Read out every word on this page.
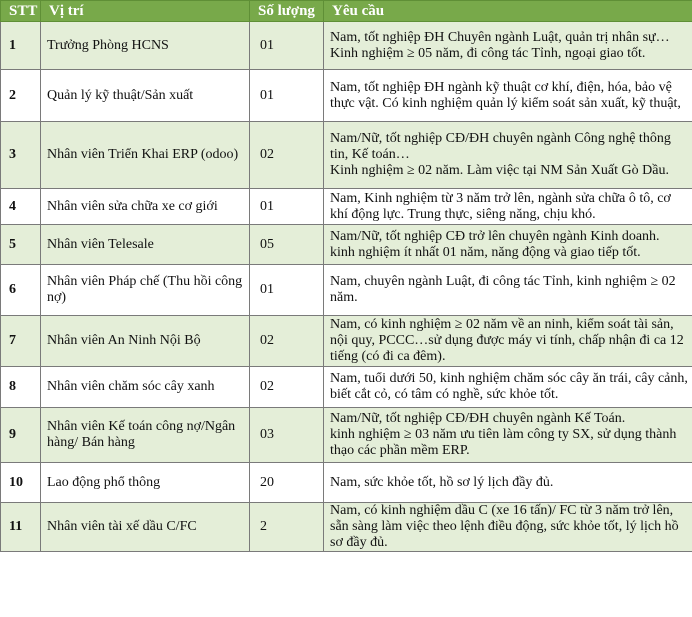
STT	Vị trí	Số lượng	Yêu cầu
1	Trưởng Phòng HCNS	01	Nam, tốt nghiệp ĐH Chuyên ngành Luật, quản trị nhân sự…
Kinh nghiệm ≥ 05 năm, đi công tác Tỉnh, ngoại giao tốt.

2	Quản lý kỹ thuật/Sản xuất	01	Nam, tốt nghiệp ĐH ngành kỹ thuật cơ khí, điện, hóa, bảo vệ thực vật. Có kinh nghiệm quản lý kiểm soát sản xuất, kỹ thuật,

3	Nhân viên Triển Khai ERP (odoo)	02	Nam/Nữ, tốt nghiệp CĐ/ĐH chuyên ngành Công nghệ thông tin, Kế toán…
Kinh nghiệm ≥ 02 năm. Làm việc tại NM Sản Xuất Gò Dầu.

4	Nhân viên sửa chữa xe cơ giới	01	Nam, Kinh nghiệm từ 3 năm trở lên, ngành sửa chữa ô tô, cơ khí động lực. Trung thực, siêng năng, chịu khó.

5	Nhân viên Telesale	05	Nam/Nữ, tốt nghiệp CĐ trở lên chuyên ngành Kinh doanh.
kinh nghiệm ít nhất 01 năm, năng động và giao tiếp tốt.

6	Nhân viên Pháp chế (Thu hồi công nợ)	01	Nam, chuyên ngành Luật, đi công tác Tỉnh, kinh nghiệm ≥ 02 năm.

7	Nhân viên An Ninh Nội Bộ	02	Nam, có kinh nghiệm ≥ 02 năm về an ninh, kiểm soát tài sản, nội quy, PCCC…sử dụng được máy vi tính, chấp nhận đi ca 12 tiếng (có đi ca đêm).

8	Nhân viên chăm sóc cây xanh	02	Nam, tuổi dưới 50, kinh nghiệm chăm sóc cây ăn trái, cây cảnh, biết cắt cỏ, có tâm có nghề, sức khỏe tốt.

9	Nhân viên Kế toán công nợ/Ngân hàng/ Bán hàng	03	Nam/Nữ, tốt nghiệp CĐ/ĐH chuyên ngành Kế Toán.
kinh nghiệm ≥ 03 năm ưu tiên làm công ty SX, sử dụng thành thạo các phần mềm ERP.

10	Lao động phổ thông	20	Nam, sức khỏe tốt, hồ sơ lý lịch đầy đủ.

11	Nhân viên tài xế dầu C/FC	2	Nam, có kinh nghiệm dầu C (xe 16 tấn)/ FC từ 3 năm trở lên, sẵn sàng làm việc theo lệnh điều động, sức khỏe tốt, lý lịch hồ sơ đầy đủ.
